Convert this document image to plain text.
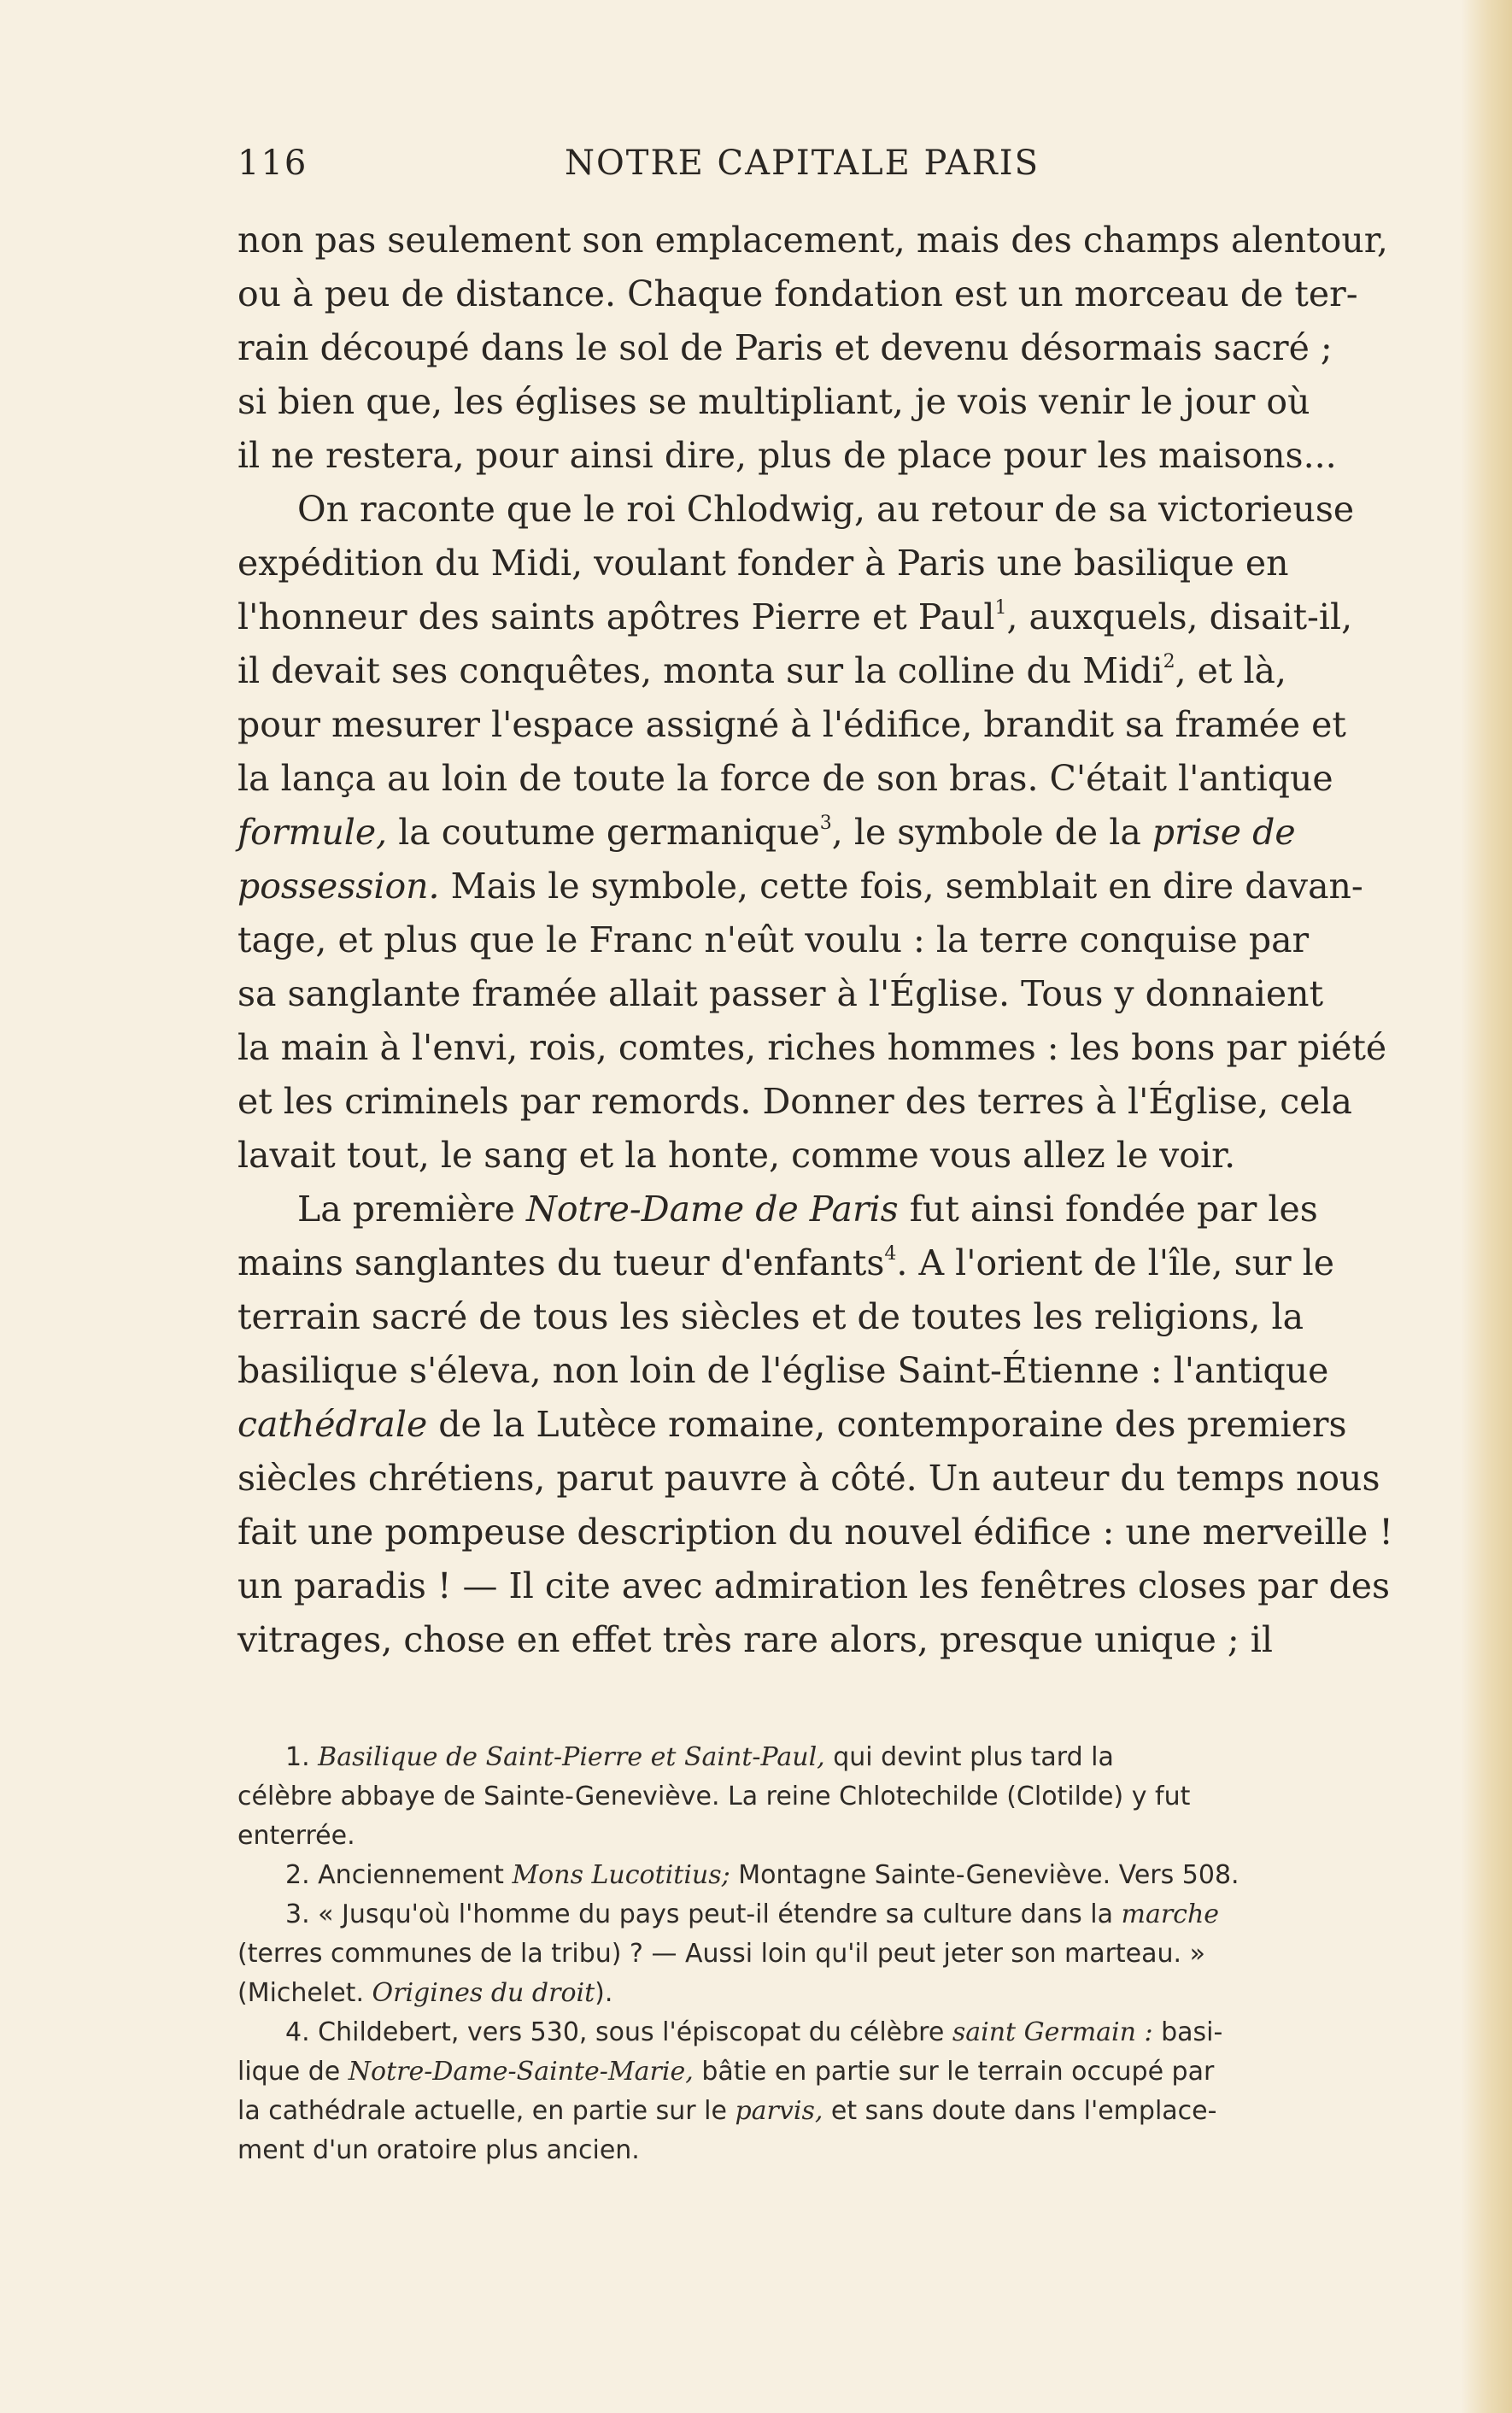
116	NOTRE CAPITALE PARIS
non pas seulement son emplacement, mais des champs alentour,
ou à peu de distance. Chaque fondation est un morceau de ter-
rain découpé dans le sol de Paris et devenu désormais sacré ;
si bien que, les églises se multipliant, je vois venir le jour où
il ne restera, pour ainsi dire, plus de place pour les maisons...
On raconte que le roi Chlodwig, au retour de sa victorieuse
expédition du Midi, voulant fonder à Paris une basilique en
l'honneur des saints apôtres Pierre et Paul$^1$, auxquels, disait-il,
il devait ses conquêtes, monta sur la colline du Midi$^2$, et là,
pour mesurer l'espace assigné à l'édifice, brandit sa framée et
la lança au loin de toute la force de son bras. C'était l'antique
formule, la coutume germanique$^3$, le symbole de la prise de
possession. Mais le symbole, cette fois, semblait en dire davan-
tage, et plus que le Franc n'eût voulu : la terre conquise par
sa sanglante framée allait passer à l'Église. Tous y donnaient
la main à l'envi, rois, comtes, riches hommes : les bons par piété
et les criminels par remords. Donner des terres à l'Église, cela
lavait tout, le sang et la honte, comme vous allez le voir.
La première Notre-Dame de Paris fut ainsi fondée par les
mains sanglantes du tueur d'enfants$^4$. A l'orient de l'île, sur le
terrain sacré de tous les siècles et de toutes les religions, la
basilique s'éleva, non loin de l'église Saint-Étienne : l'antique
cathédrale de la Lutèce romaine, contemporaine des premiers
siècles chrétiens, parut pauvre à côté. Un auteur du temps nous
fait une pompeuse description du nouvel édifice : une merveille !
un paradis ! — Il cite avec admiration les fenêtres closes par des
vitrages, chose en effet très rare alors, presque unique ; il
1. Basilique de Saint-Pierre et Saint-Paul, qui devint plus tard la
célèbre abbaye de Sainte-Geneviève. La reine Chlotechilde (Clotilde) y fut
enterrée.
2. Anciennement Mons Lucotitius; Montagne Sainte-Geneviève. Vers 508.
3. « Jusqu'où l'homme du pays peut-il étendre sa culture dans la marche
(terres communes de la tribu) ? — Aussi loin qu'il peut jeter son marteau. »
(Michelet. Origines du droit).
4. Childebert, vers 530, sous l'épiscopat du célèbre saint Germain : basi-
lique de Notre-Dame-Sainte-Marie, bâtie en partie sur le terrain occupé par
la cathédrale actuelle, en partie sur le parvis, et sans doute dans l'emplace-
ment d'un oratoire plus ancien.
